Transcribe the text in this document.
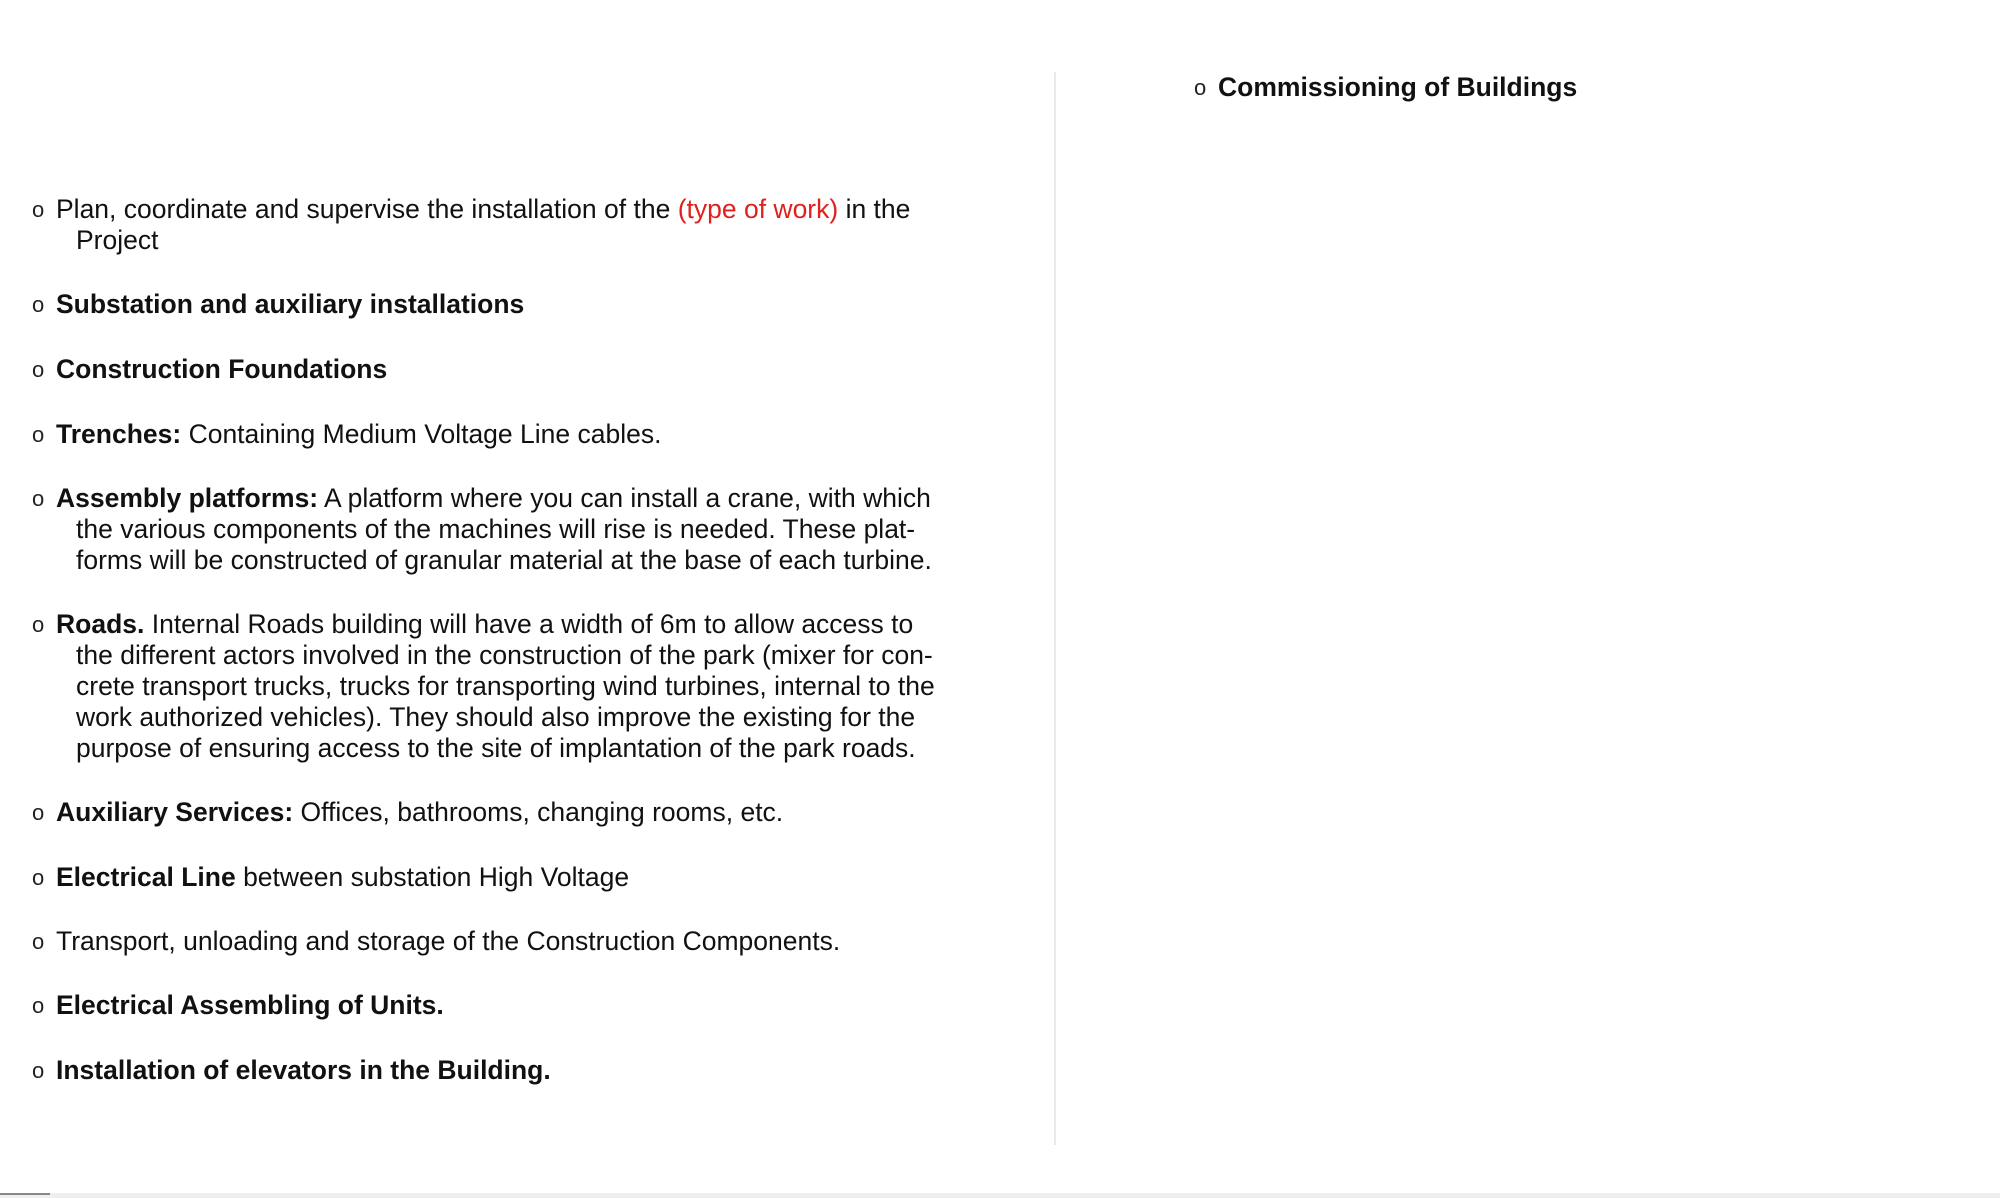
o Commissioning of Buildings
o Plan, coordinate and supervise the installation of the (type of work) in the
Project
o Substation and auxiliary installations
o Construction Foundations
o Trenches: Containing Medium Voltage Line cables.
o Assembly platforms: A platform where you can install a crane, with which
the various components of the machines will rise is needed. These plat-
forms will be constructed of granular material at the base of each turbine.
o Roads. Internal Roads building will have a width of 6m to allow access to
the different actors involved in the construction of the park (mixer for con-
crete transport trucks, trucks for transporting wind turbines, internal to the
work authorized vehicles). They should also improve the existing for the
purpose of ensuring access to the site of implantation of the park roads.
o Auxiliary Services: Offices, bathrooms, changing rooms, etc.
o Electrical Line between substation High Voltage
o Transport, unloading and storage of the Construction Components.
o Electrical Assembling of Units.
o Installation of elevators in the Building.
